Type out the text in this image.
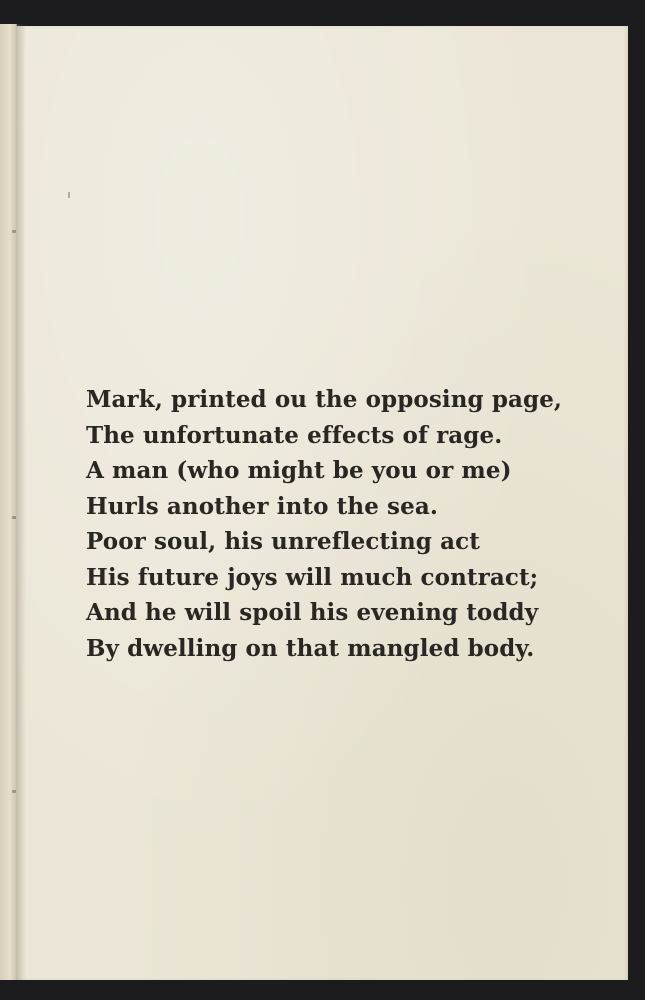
Mark, printed ou the opposing page,
The unfortunate effects of rage.
A man (who might be you or me)
Hurls another into the sea.
Poor soul, his unreflecting act
His future joys will much contract;
And he will spoil his evening toddy
By dwelling on that mangled body.
